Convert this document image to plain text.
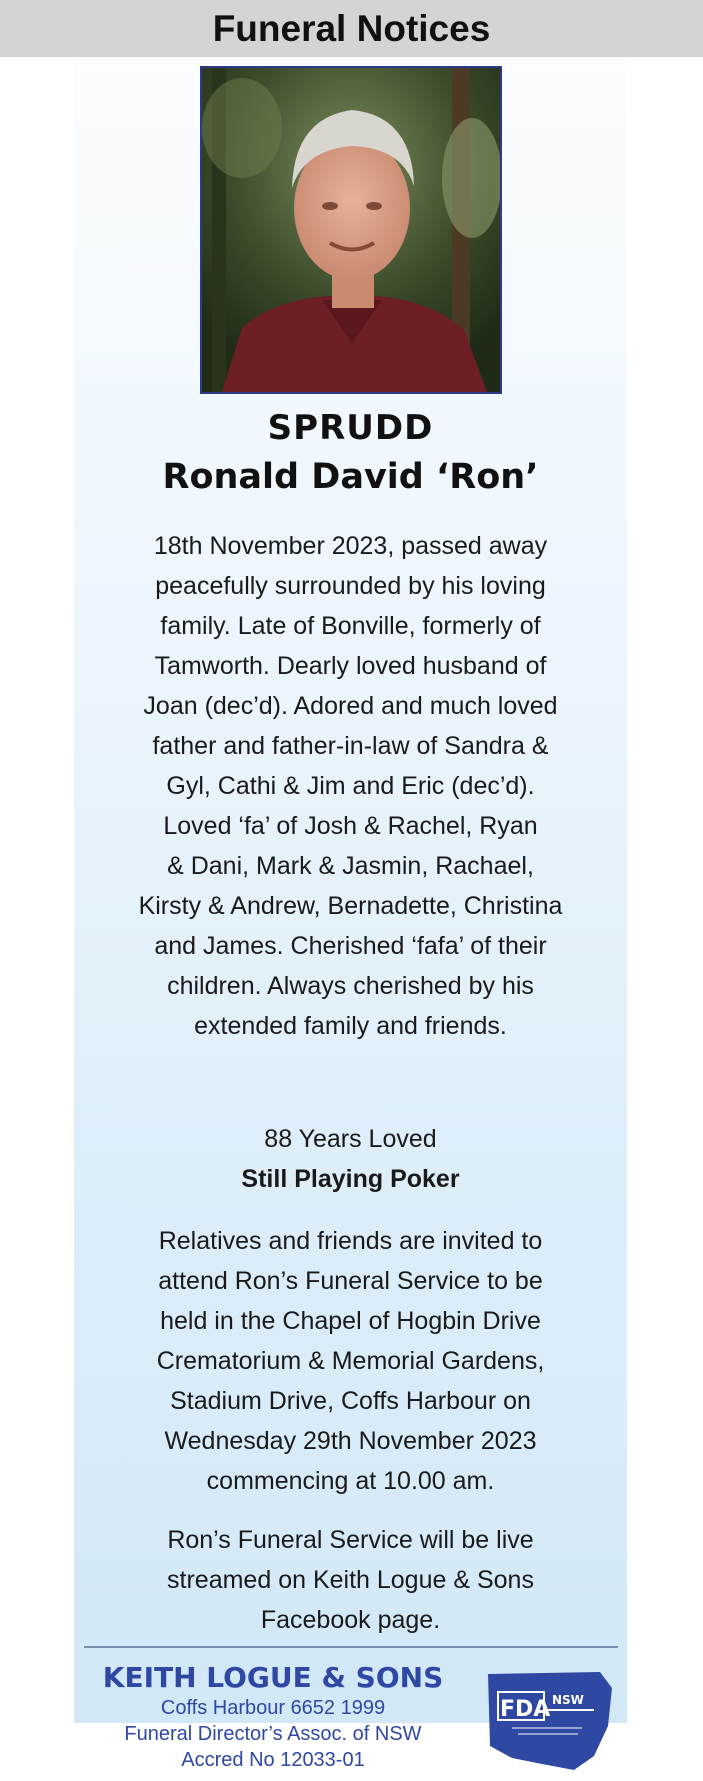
Funeral Notices
SPRUDD
Ronald David ‘Ron’
18th November 2023, passed away
peacefully surrounded by his loving
family. Late of Bonville, formerly of
Tamworth. Dearly loved husband of
Joan (dec’d). Adored and much loved
father and father-in-law of Sandra &
Gyl, Cathi & Jim and Eric (dec’d).
Loved ‘fa’ of Josh & Rachel, Ryan
& Dani, Mark & Jasmin, Rachael,
Kirsty & Andrew, Bernadette, Christina
and James. Cherished ‘fafa’ of their
children. Always cherished by his
extended family and friends.
88 Years Loved
Still Playing Poker
Relatives and friends are invited to
attend Ron’s Funeral Service to be
held in the Chapel of Hogbin Drive
Crematorium & Memorial Gardens,
Stadium Drive, Coffs Harbour on
Wednesday 29th November 2023
commencing at 10.00 am.
Ron’s Funeral Service will be live
streamed on Keith Logue & Sons
Facebook page.
KEITH LOGUE & SONS
Coffs Harbour 6652 1999
Funeral Director’s Assoc. of NSW
Accred No 12033-01
FDA NSW
